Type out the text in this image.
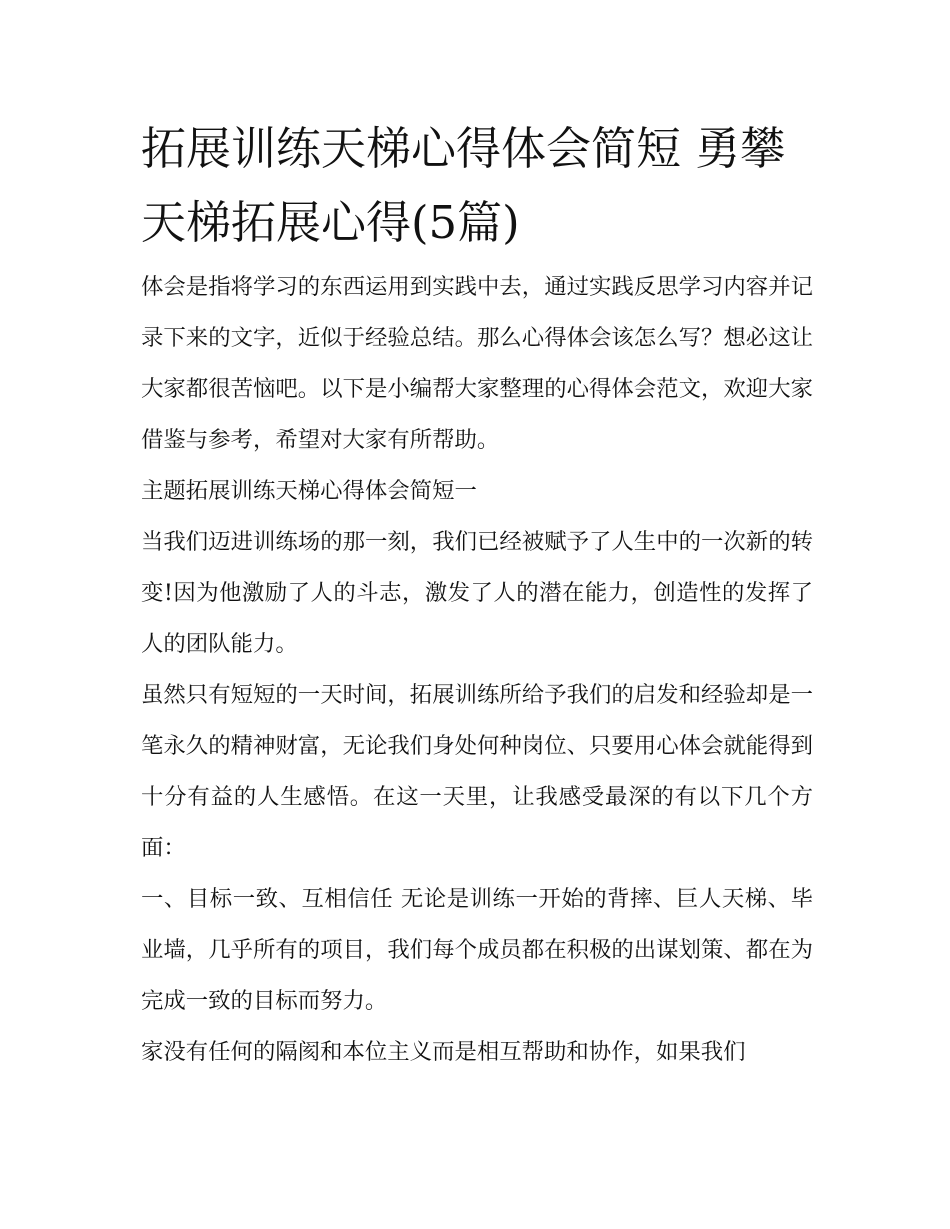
拓展训练天梯心得体会简短 勇攀天梯拓展心得(5篇)

体会是指将学习的东西运用到实践中去，通过实践反思学习内容并记录下来的文字，近似于经验总结。那么心得体会该怎么写？想必这让大家都很苦恼吧。以下是小编帮大家整理的心得体会范文，欢迎大家借鉴与参考，希望对大家有所帮助。

主题拓展训练天梯心得体会简短一

当我们迈进训练场的那一刻，我们已经被赋予了人生中的一次新的转变!因为他激励了人的斗志，激发了人的潜在能力，创造性的发挥了人的团队能力。

虽然只有短短的一天时间，拓展训练所给予我们的启发和经验却是一笔永久的精神财富，无论我们身处何种岗位、只要用心体会就能得到十分有益的人生感悟。在这一天里，让我感受最深的有以下几个方面：

一、目标一致、互相信任 无论是训练一开始的背摔、巨人天梯、毕业墙，几乎所有的项目，我们每个成员都在积极的出谋划策、都在为完成一致的目标而努力。

家没有任何的隔阂和本位主义而是相互帮助和协作，如果我们
